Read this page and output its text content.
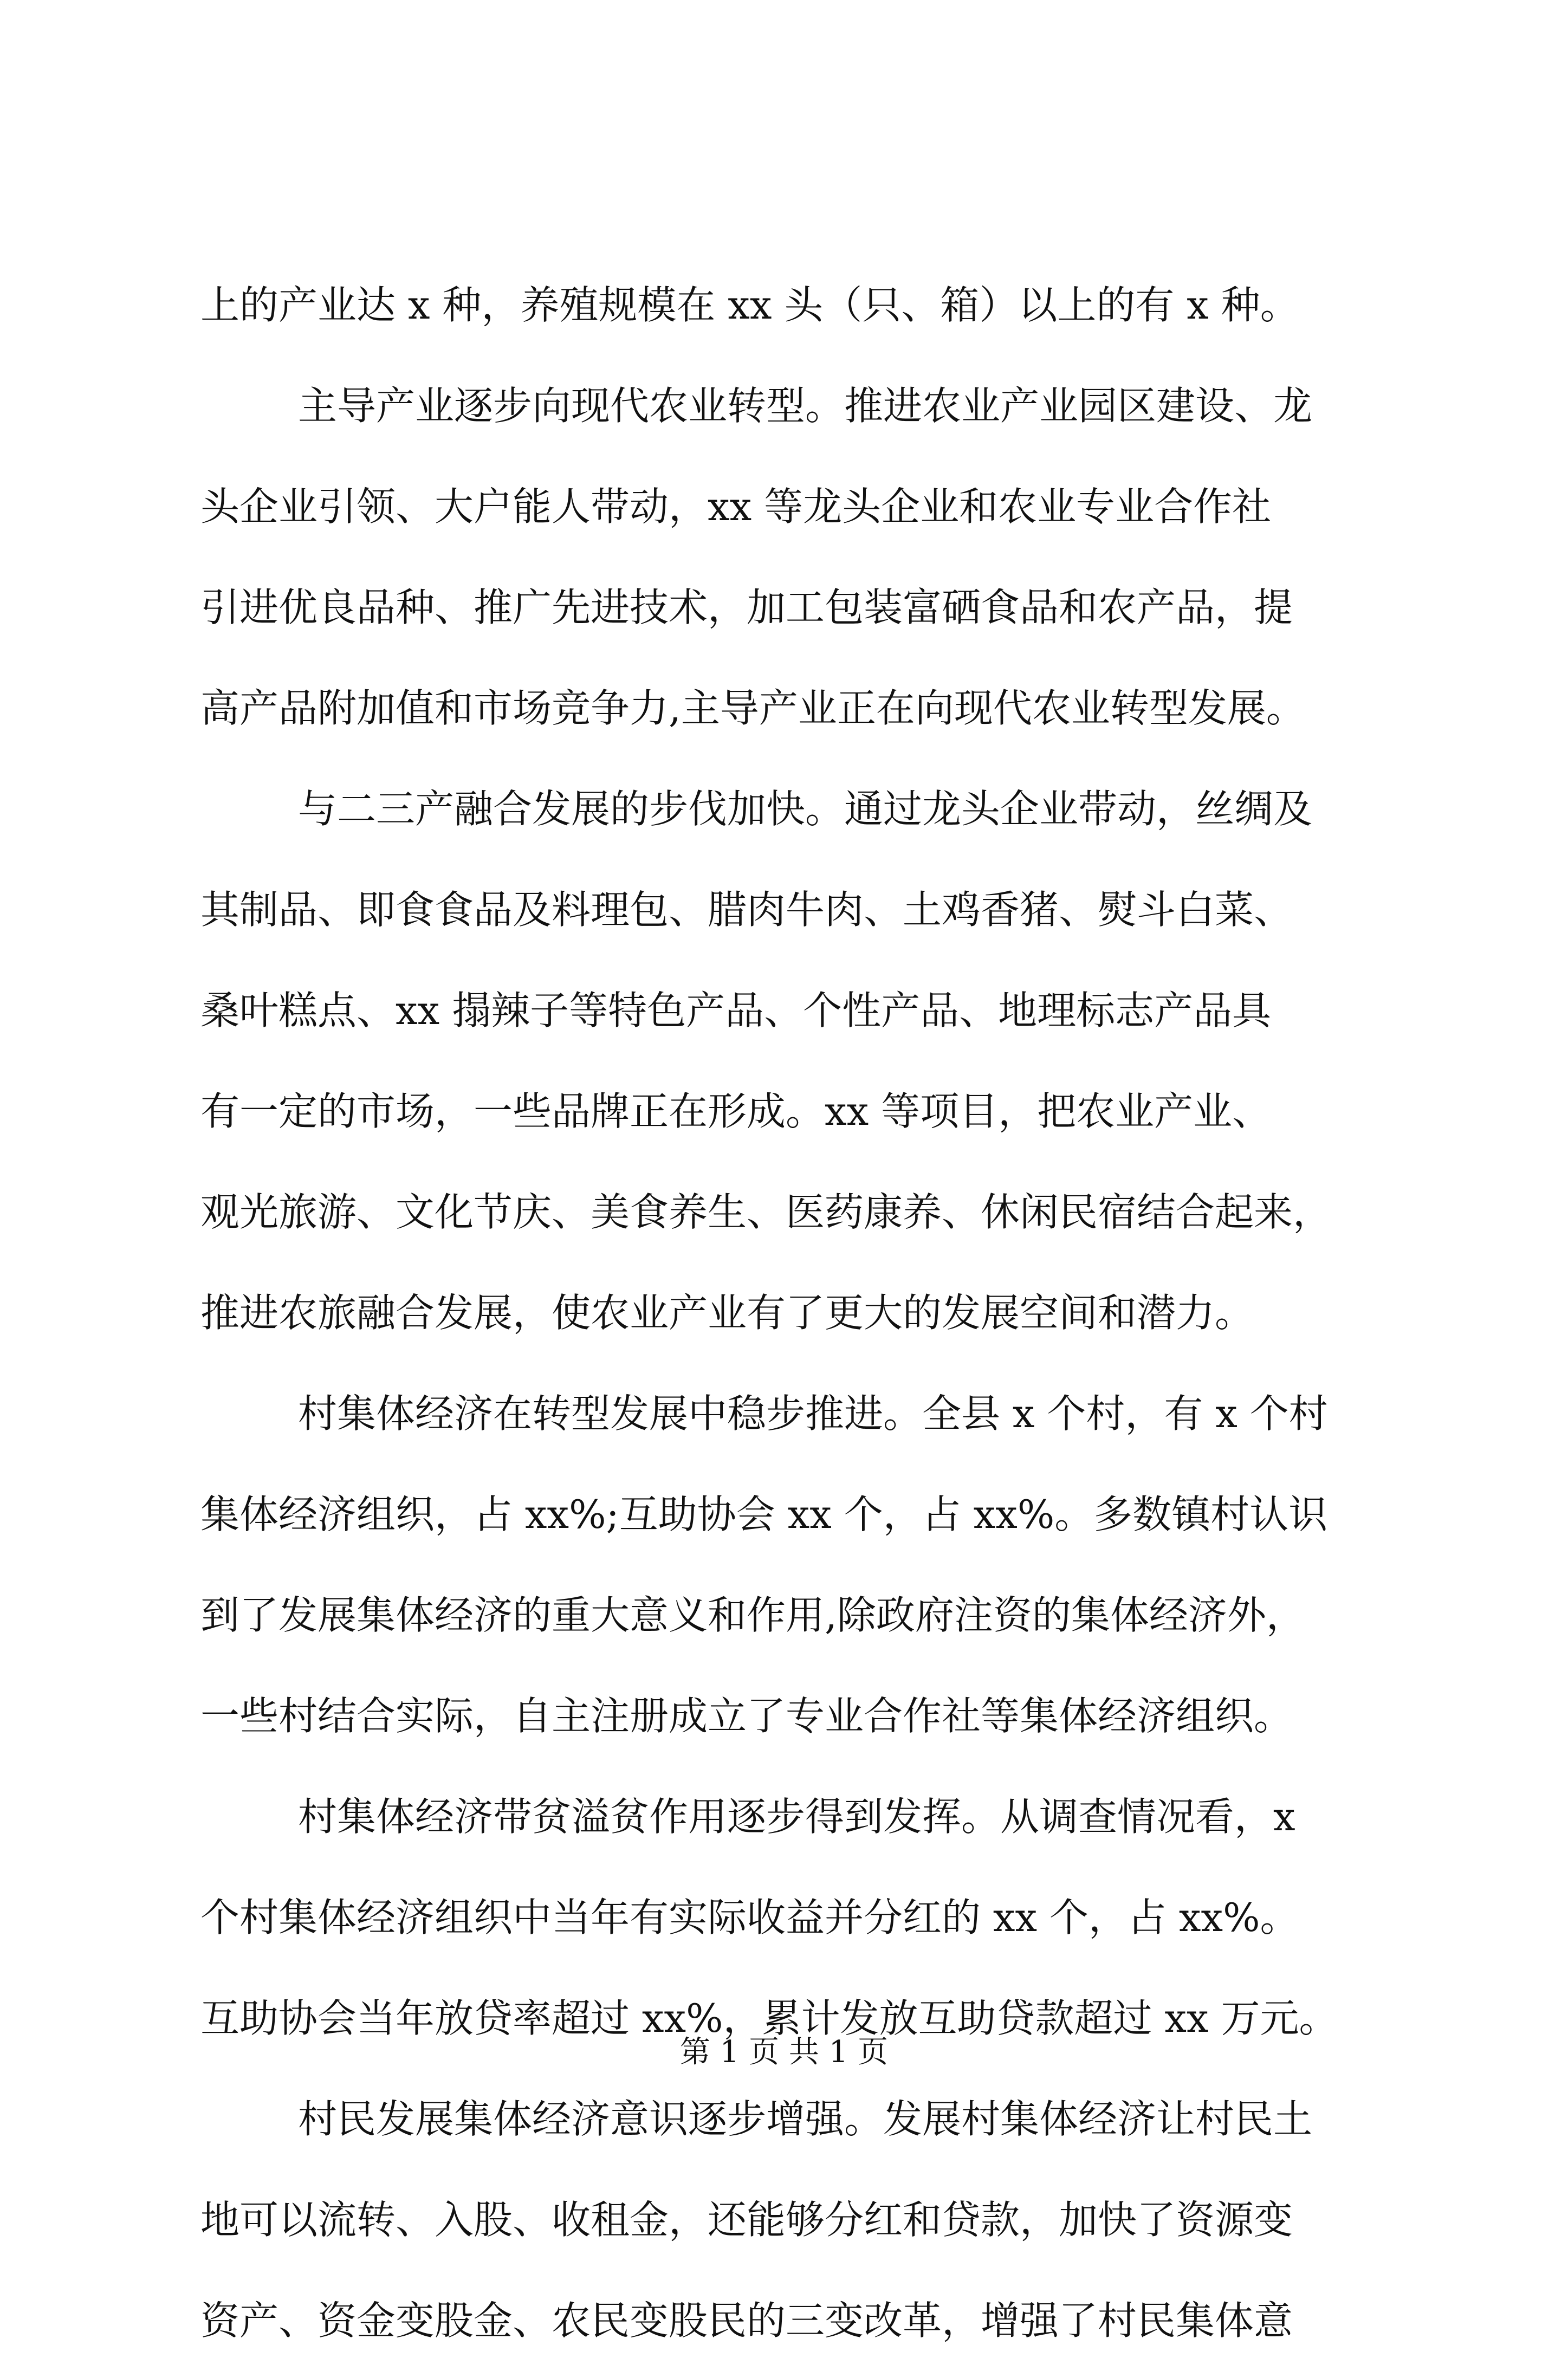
上的产业达 x 种，养殖规模在 xx 头（只、箱）以上的有 x 种。
主导产业逐步向现代农业转型。推进农业产业园区建设、龙
头企业引领、大户能人带动，xx 等龙头企业和农业专业合作社
引进优良品种、推广先进技术，加工包装富硒食品和农产品，提
高产品附加值和市场竞争力,主导产业正在向现代农业转型发展。
与二三产融合发展的步伐加快。通过龙头企业带动，丝绸及
其制品、即食食品及料理包、腊肉牛肉、土鸡香猪、熨斗白菜、
桑叶糕点、xx 搨辣子等特色产品、个性产品、地理标志产品具
有一定的市场，一些品牌正在形成。xx 等项目，把农业产业、
观光旅游、文化节庆、美食养生、医药康养、休闲民宿结合起来，
推进农旅融合发展，使农业产业有了更大的发展空间和潜力。
村集体经济在转型发展中稳步推进。全县 x 个村，有 x 个村
集体经济组织，占 xx%;互助协会 xx 个，占 xx%。多数镇村认识
到了发展集体经济的重大意义和作用,除政府注资的集体经济外，
一些村结合实际，自主注册成立了专业合作社等集体经济组织。
村集体经济带贫溢贫作用逐步得到发挥。从调查情况看，x
个村集体经济组织中当年有实际收益并分红的 xx 个，占 xx%。
互助协会当年放贷率超过 xx%，累计发放互助贷款超过 xx 万元。
村民发展集体经济意识逐步增强。发展村集体经济让村民土
地可以流转、入股、收租金，还能够分红和贷款，加快了资源变
资产、资金变股金、农民变股民的三变改革，增强了村民集体意
第 1 页 共 1 页
